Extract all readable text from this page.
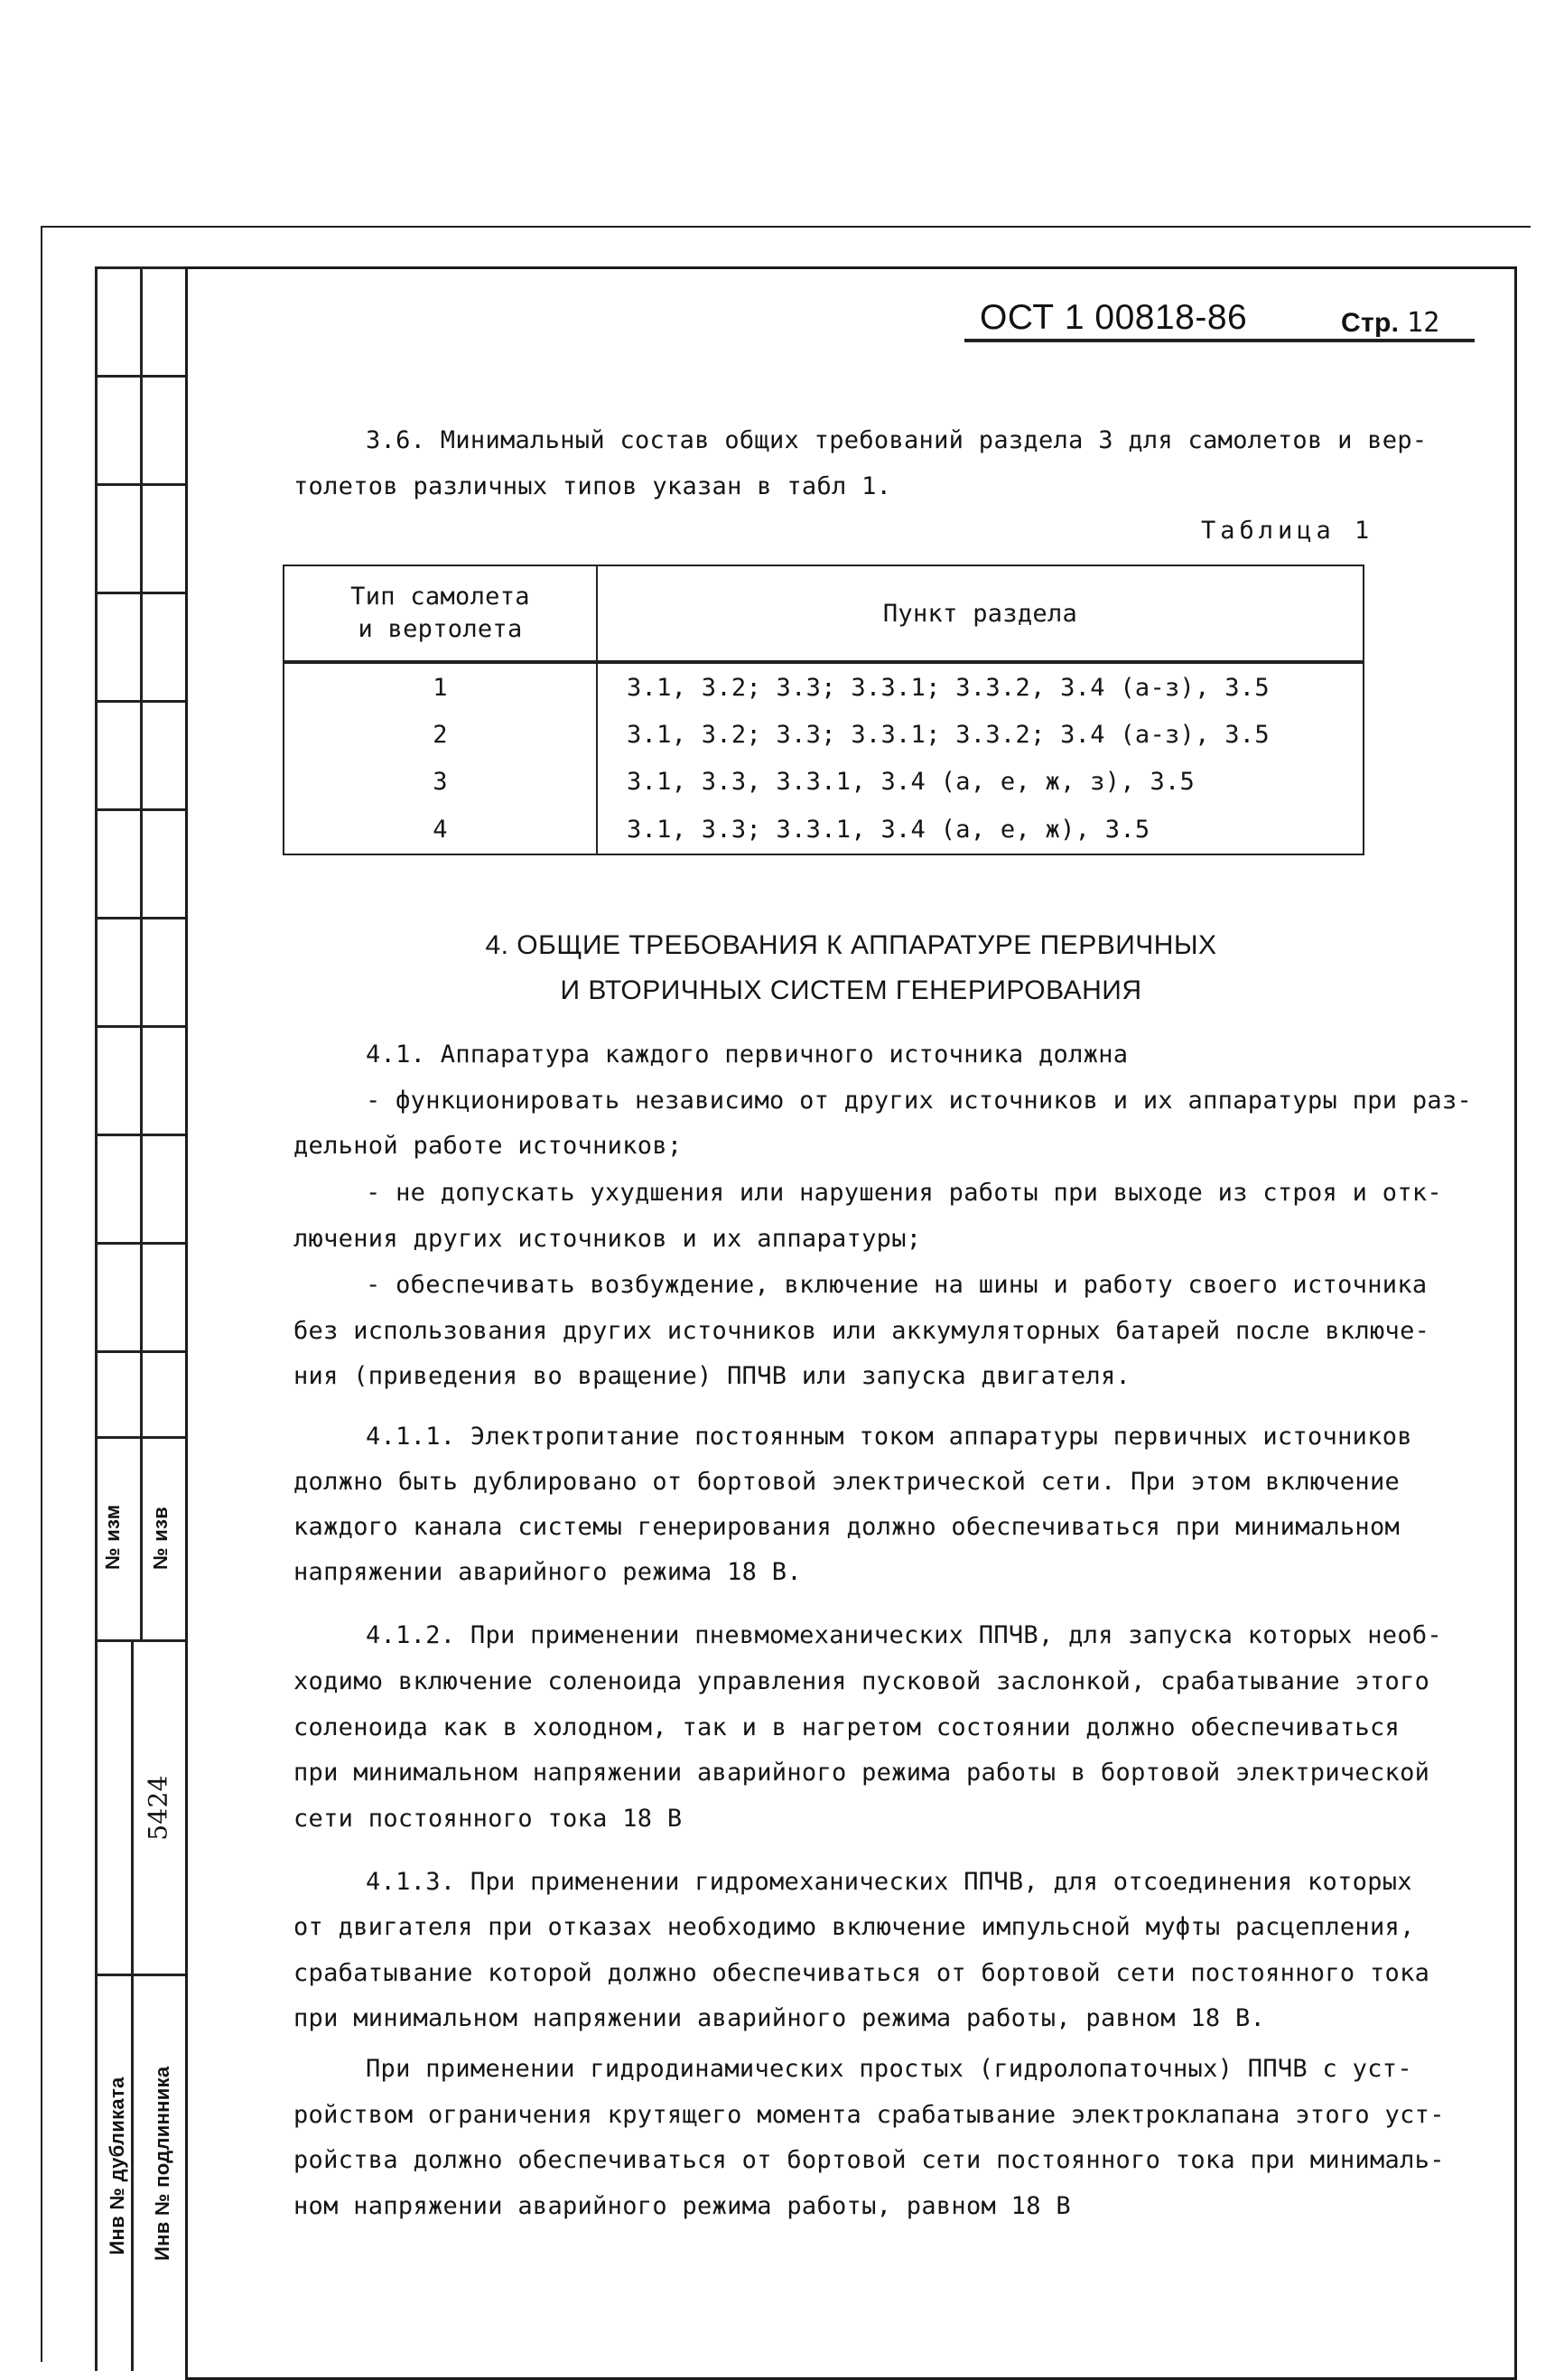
№ изм № изв
5424
Инв № дубликата Инв № подлинника
ОСТ 1 00818-86	Стр. 12
3.6. Минимальный состав общих требований раздела 3 для самолетов и вер-
толетов различных типов указан в табл 1.
Таблица 1
Тип самолета
и вертолета	Пункт раздела
1	3.1, 3.2; 3.3; 3.3.1; 3.3.2, 3.4 (а-з), 3.5
2	3.1, 3.2; 3.3; 3.3.1; 3.3.2; 3.4 (а-з), 3.5
3	3.1, 3.3, 3.3.1, 3.4 (а, е, ж, з), 3.5
4	3.1, 3.3; 3.3.1, 3.4 (а, е, ж), 3.5
4. ОБЩИЕ ТРЕБОВАНИЯ К АППАРАТУРЕ ПЕРВИЧНЫХ
И ВТОРИЧНЫХ СИСТЕМ ГЕНЕРИРОВАНИЯ
4.1. Аппаратура каждого первичного источника должна
- функционировать независимо от других источников и их аппаратуры при раз-
дельной работе источников;
- не допускать ухудшения или нарушения работы при выходе из строя и отк-
лючения других источников и их аппаратуры;
- обеспечивать возбуждение, включение на шины и работу своего источника
без использования других источников или аккумуляторных батарей после включе-
ния (приведения во вращение) ППЧВ или запуска двигателя.
4.1.1. Электропитание постоянным током аппаратуры первичных источников
должно быть дублировано от бортовой электрической сети. При этом включение
каждого канала системы генерирования должно обеспечиваться при минимальном
напряжении аварийного режима 18 В.
4.1.2. При применении пневмомеханических ППЧВ, для запуска которых необ-
ходимо включение соленоида управления пусковой заслонкой, срабатывание этого
соленоида как в холодном, так и в нагретом состоянии должно обеспечиваться
при минимальном напряжении аварийного режима работы в бортовой электрической
сети постоянного тока 18 В
4.1.3. При применении гидромеханических ППЧВ, для отсоединения которых
от двигателя при отказах необходимо включение импульсной муфты расцепления,
срабатывание которой должно обеспечиваться от бортовой сети постоянного тока
при минимальном напряжении аварийного режима работы, равном 18 В.
При применении гидродинамических простых (гидролопаточных) ППЧВ с уст-
ройством ограничения крутящего момента срабатывание электроклапана этого уст-
ройства должно обеспечиваться от бортовой сети постоянного тока при минималь-
ном напряжении аварийного режима работы, равном 18 В
